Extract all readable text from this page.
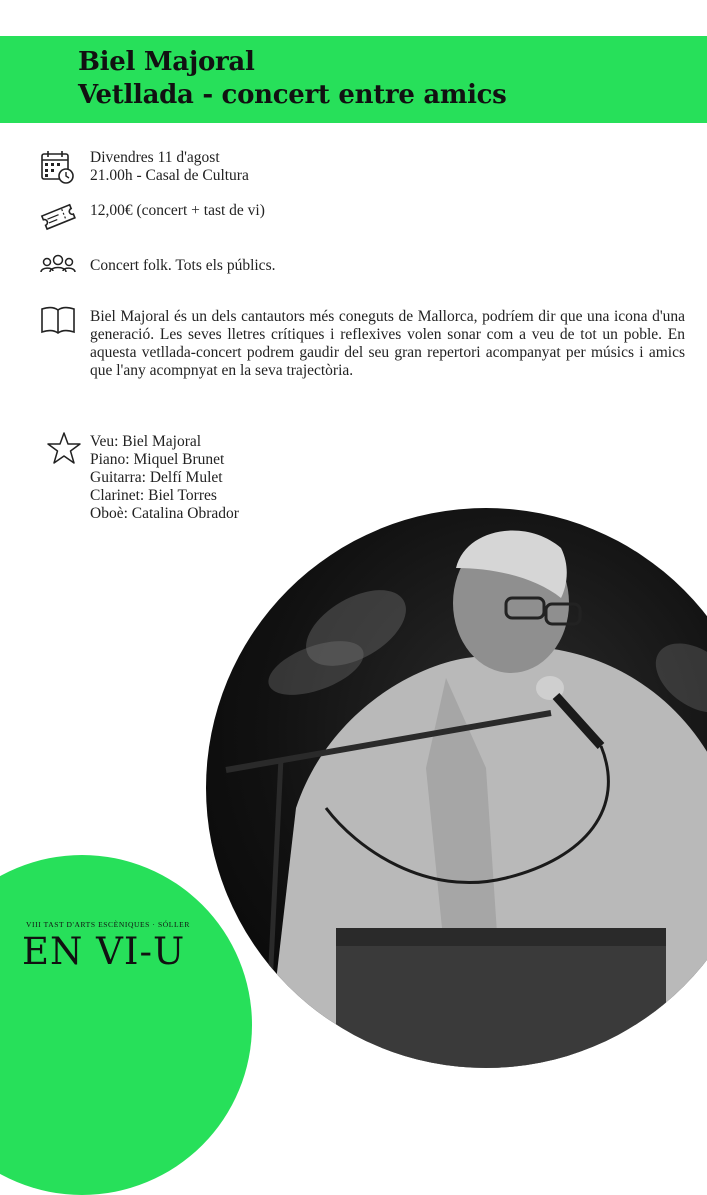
Biel Majoral
Vetllada - concert entre amics
Divendres 11 d'agost
21.00h - Casal de Cultura
12,00€ (concert + tast de vi)
Concert folk. Tots els públics.
Biel Majoral és un dels cantautors més coneguts de Mallorca, podríem dir que una icona d'una generació. Les seves lletres crítiques i reflexives volen sonar com a veu de tot un poble. En aquesta vetllada-concert podrem gaudir del seu gran repertori acompanyat per músics i amics que l'any acompnyat en la seva trajectòria.
Veu: Biel Majoral
Piano: Miquel Brunet
Guitarra: Delfí Mulet
Clarinet: Biel Torres
Oboè: Catalina Obrador
VIII TAST D'ARTS ESCÈNIQUES · SÓLLER
EN VI-U
